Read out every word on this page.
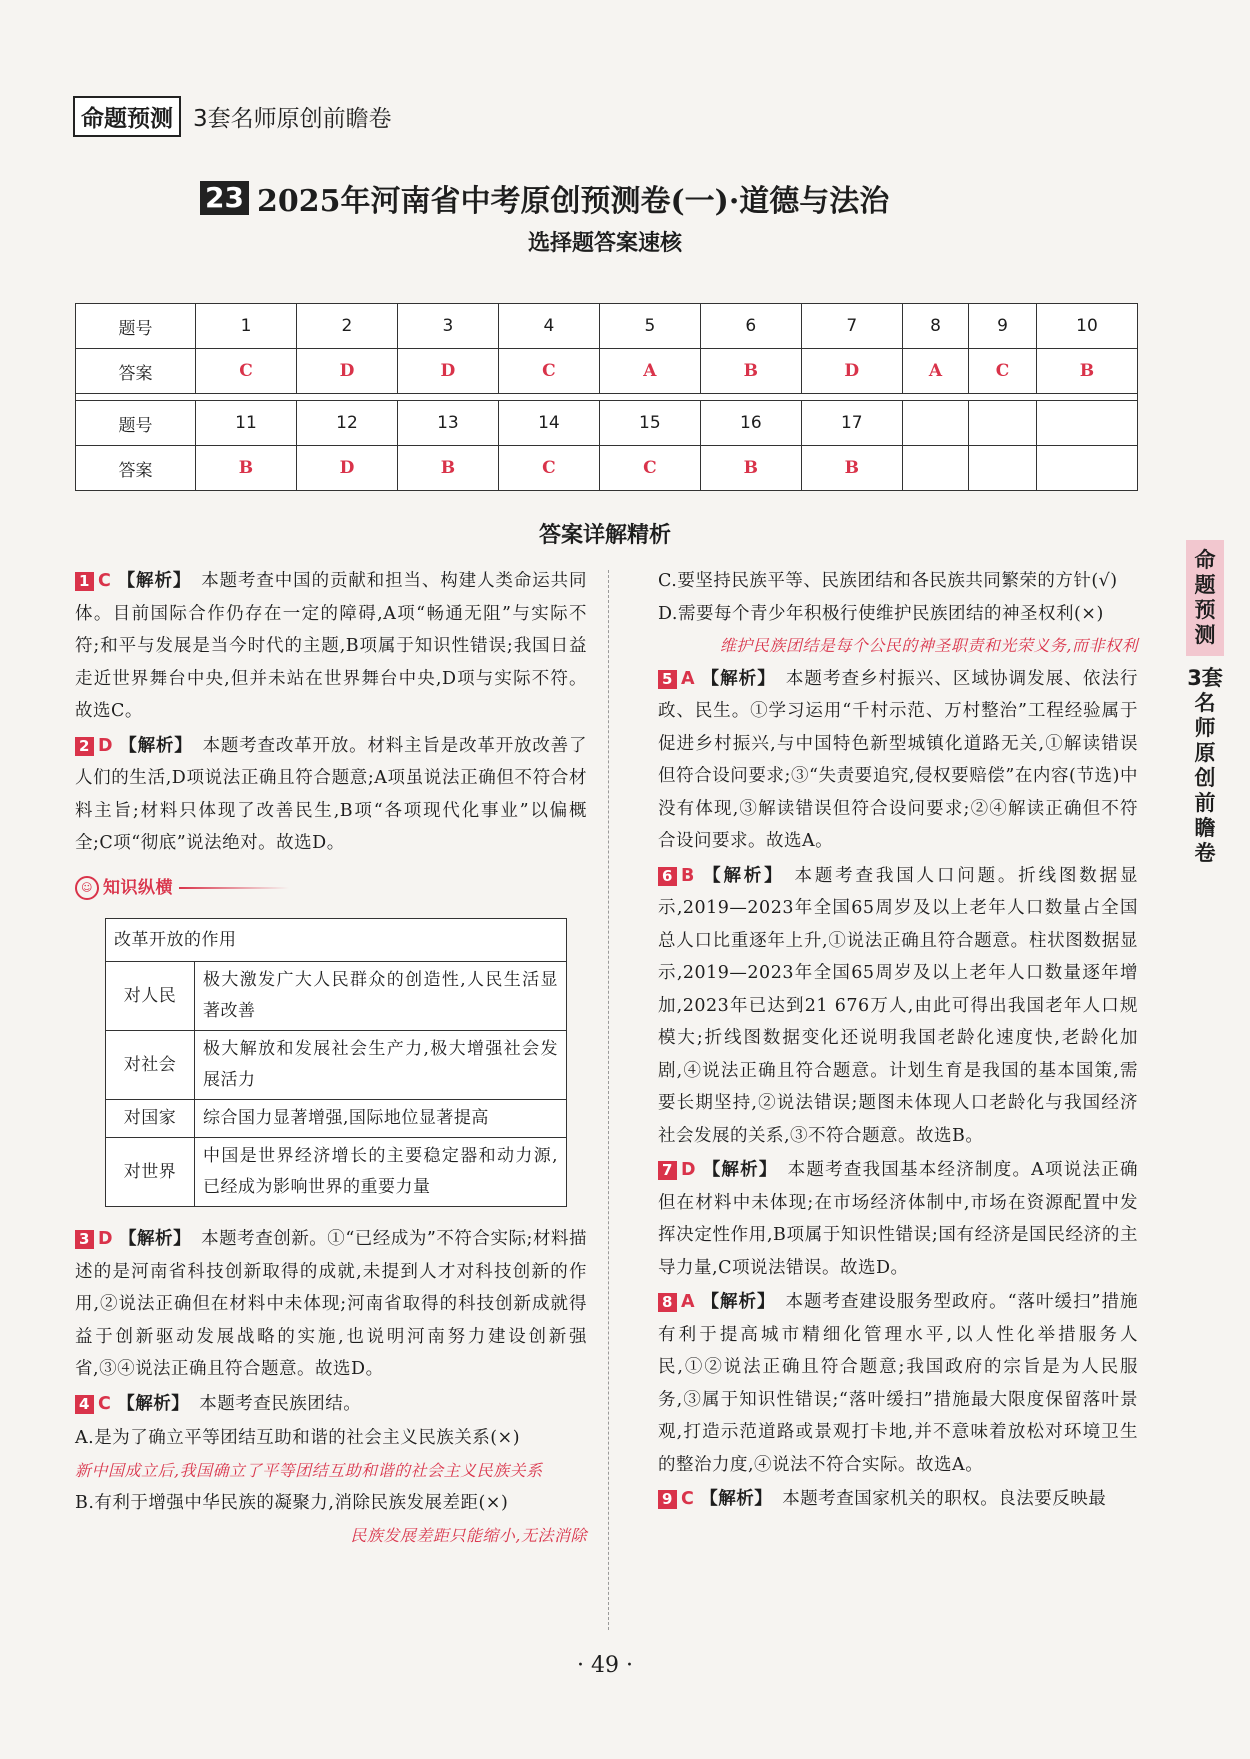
命题预测 3套名师原创前瞻卷
23 2025年河南省中考原创预测卷(一)·道德与法治
选择题答案速核
题号	1	2	3	4	5	6	7	8	9	10
答案	C	D	D	C	A	B	D	A	C	B

题号	11	12	13	14	15	16	17			
答案	B	D	B	C	C	B	B			
答案详解精析

1 C 【解析】 本题考查中国的贡献和担当、构建人类命运共同体。目前国际合作仍存在一定的障碍,A项“畅通无阻”与实际不符;和平与发展是当今时代的主题,B项属于知识性错误;我国日益走近世界舞台中央,但并未站在世界舞台中央,D项与实际不符。故选C。

2 D 【解析】 本题考查改革开放。材料主旨是改革开放改善了人们的生活,D项说法正确且符合题意;A项虽说法正确但不符合材料主旨;材料只体现了改善民生,B项“各项现代化事业”以偏概全;C项“彻底”说法绝对。故选D。

☺ 知识纵横
改革开放的作用	
对人民	极大激发广大人民群众的创造性,人民生活显著改善
对社会	极大解放和发展社会生产力,极大增强社会发展活力
对国家	综合国力显著增强,国际地位显著提高
对世界	中国是世界经济增长的主要稳定器和动力源,已经成为影响世界的重要力量

3 D 【解析】 本题考查创新。①“已经成为”不符合实际;材料描述的是河南省科技创新取得的成就,未提到人才对科技创新的作用,②说法正确但在材料中未体现;河南省取得的科技创新成就得益于创新驱动发展战略的实施,也说明河南努力建设创新强省,③④说法正确且符合题意。故选D。

4 C 【解析】 本题考查民族团结。

A.是为了确立平等团结互助和谐的社会主义民族关系(×)

新中国成立后,我国确立了平等团结互助和谐的社会主义民族关系

B.有利于增强中华民族的凝聚力,消除民族发展差距(×)

民族发展差距只能缩小,无法消除

C.要坚持民族平等、民族团结和各民族共同繁荣的方针(√)

D.需要每个青少年积极行使维护民族团结的神圣权利(×)

维护民族团结是每个公民的神圣职责和光荣义务,而非权利

5 A 【解析】 本题考查乡村振兴、区域协调发展、依法行政、民生。①学习运用“千村示范、万村整治”工程经验属于促进乡村振兴,与中国特色新型城镇化道路无关,①解读错误但符合设问要求;③“失责要追究,侵权要赔偿”在内容(节选)中没有体现,③解读错误但符合设问要求;②④解读正确但不符合设问要求。故选A。

6 B 【解析】 本题考查我国人口问题。折线图数据显示,2019—2023年全国65周岁及以上老年人口数量占全国总人口比重逐年上升,①说法正确且符合题意。柱状图数据显示,2019—2023年全国65周岁及以上老年人口数量逐年增加,2023年已达到21 676万人,由此可得出我国老年人口规模大;折线图数据变化还说明我国老龄化速度快,老龄化加剧,④说法正确且符合题意。计划生育是我国的基本国策,需要长期坚持,②说法错误;题图未体现人口老龄化与我国经济社会发展的关系,③不符合题意。故选B。

7 D 【解析】 本题考查我国基本经济制度。A项说法正确但在材料中未体现;在市场经济体制中,市场在资源配置中发挥决定性作用,B项属于知识性错误;国有经济是国民经济的主导力量,C项说法错误。故选D。

8 A 【解析】 本题考查建设服务型政府。“落叶缓扫”措施有利于提高城市精细化管理水平,以人性化举措服务人民,①②说法正确且符合题意;我国政府的宗旨是为人民服务,③属于知识性错误;“落叶缓扫”措施最大限度保留落叶景观,打造示范道路或景观打卡地,并不意味着放松对环境卫生的整治力度,④说法不符合实际。故选A。

9 C 【解析】 本题考查国家机关的职权。良法要反映最

命题预测
3套名师原创前瞻卷
· 49 ·
